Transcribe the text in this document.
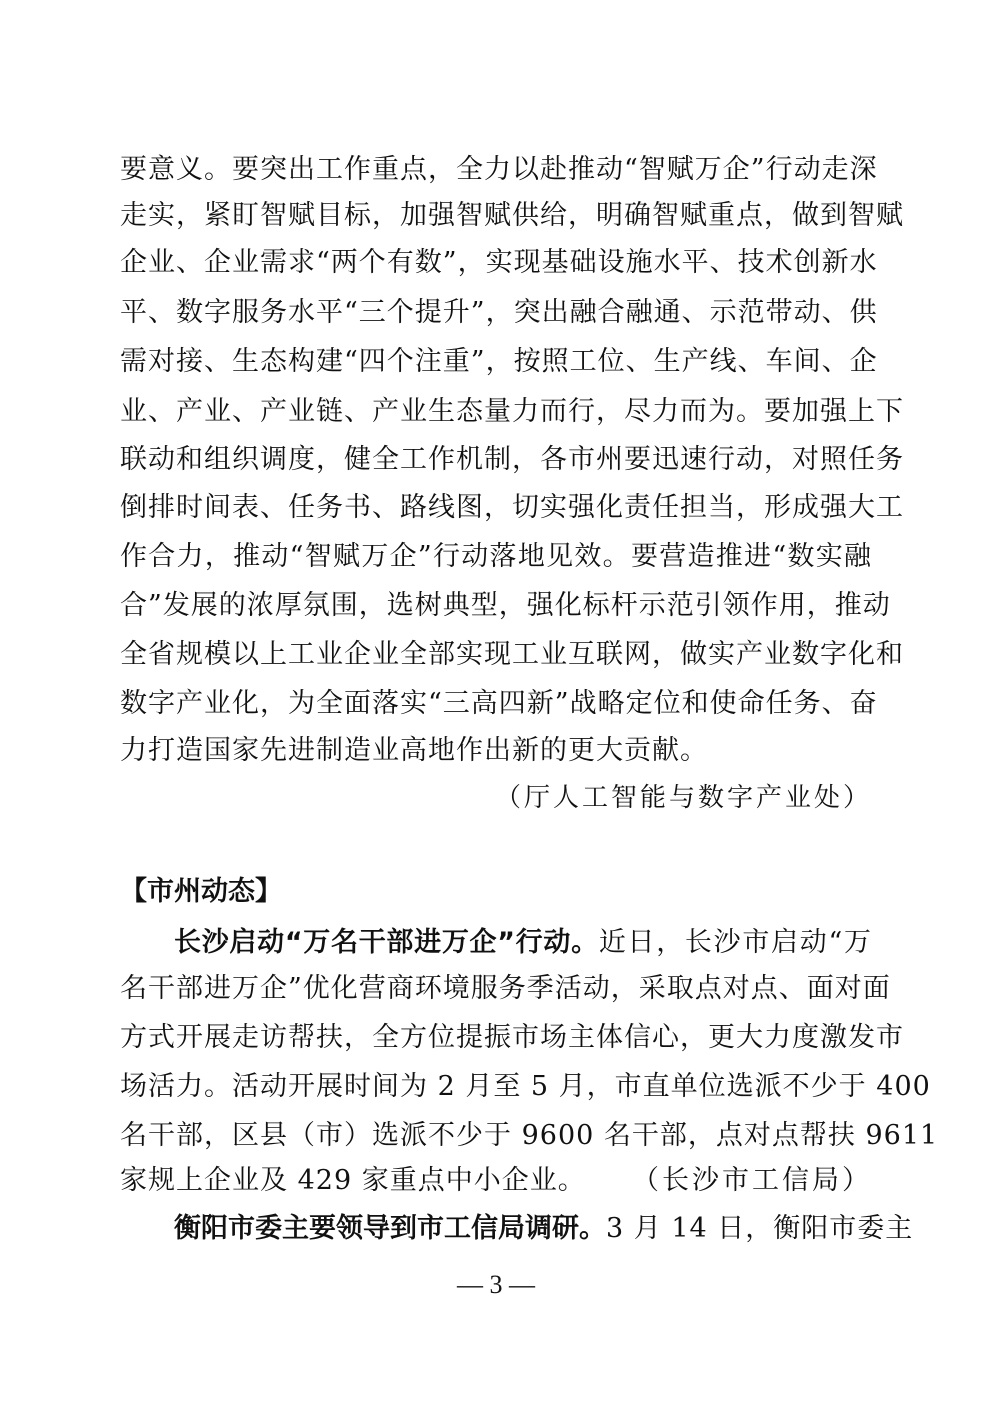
要意义。要突出工作重点，全力以赴推动“智赋万企”行动走深
走实，紧盯智赋目标，加强智赋供给，明确智赋重点，做到智赋
企业、企业需求“两个有数”，实现基础设施水平、技术创新水
平、数字服务水平“三个提升”，突出融合融通、示范带动、供
需对接、生态构建“四个注重”，按照工位、生产线、车间、企
业、产业、产业链、产业生态量力而行，尽力而为。要加强上下
联动和组织调度，健全工作机制，各市州要迅速行动，对照任务
倒排时间表、任务书、路线图，切实强化责任担当，形成强大工
作合力，推动“智赋万企”行动落地见效。要营造推进“数实融
合”发展的浓厚氛围，选树典型，强化标杆示范引领作用，推动
全省规模以上工业企业全部实现工业互联网，做实产业数字化和
数字产业化，为全面落实“三高四新”战略定位和使命任务、奋
力打造国家先进制造业高地作出新的更大贡献。
（厅人工智能与数字产业处）
【市州动态】
长沙启动“万名干部进万企”行动。近日，长沙市启动“万
名干部进万企”优化营商环境服务季活动，采取点对点、面对面
方式开展走访帮扶，全方位提振市场主体信心，更大力度激发市
场活力。活动开展时间为 2 月至 5 月，市直单位选派不少于 400
名干部，区县（市）选派不少于 9600 名干部，点对点帮扶 9611
家规上企业及 429 家重点中小企业。 （长沙市工信局）
衡阳市委主要领导到市工信局调研。3 月 14 日，衡阳市委主
— 3 —
